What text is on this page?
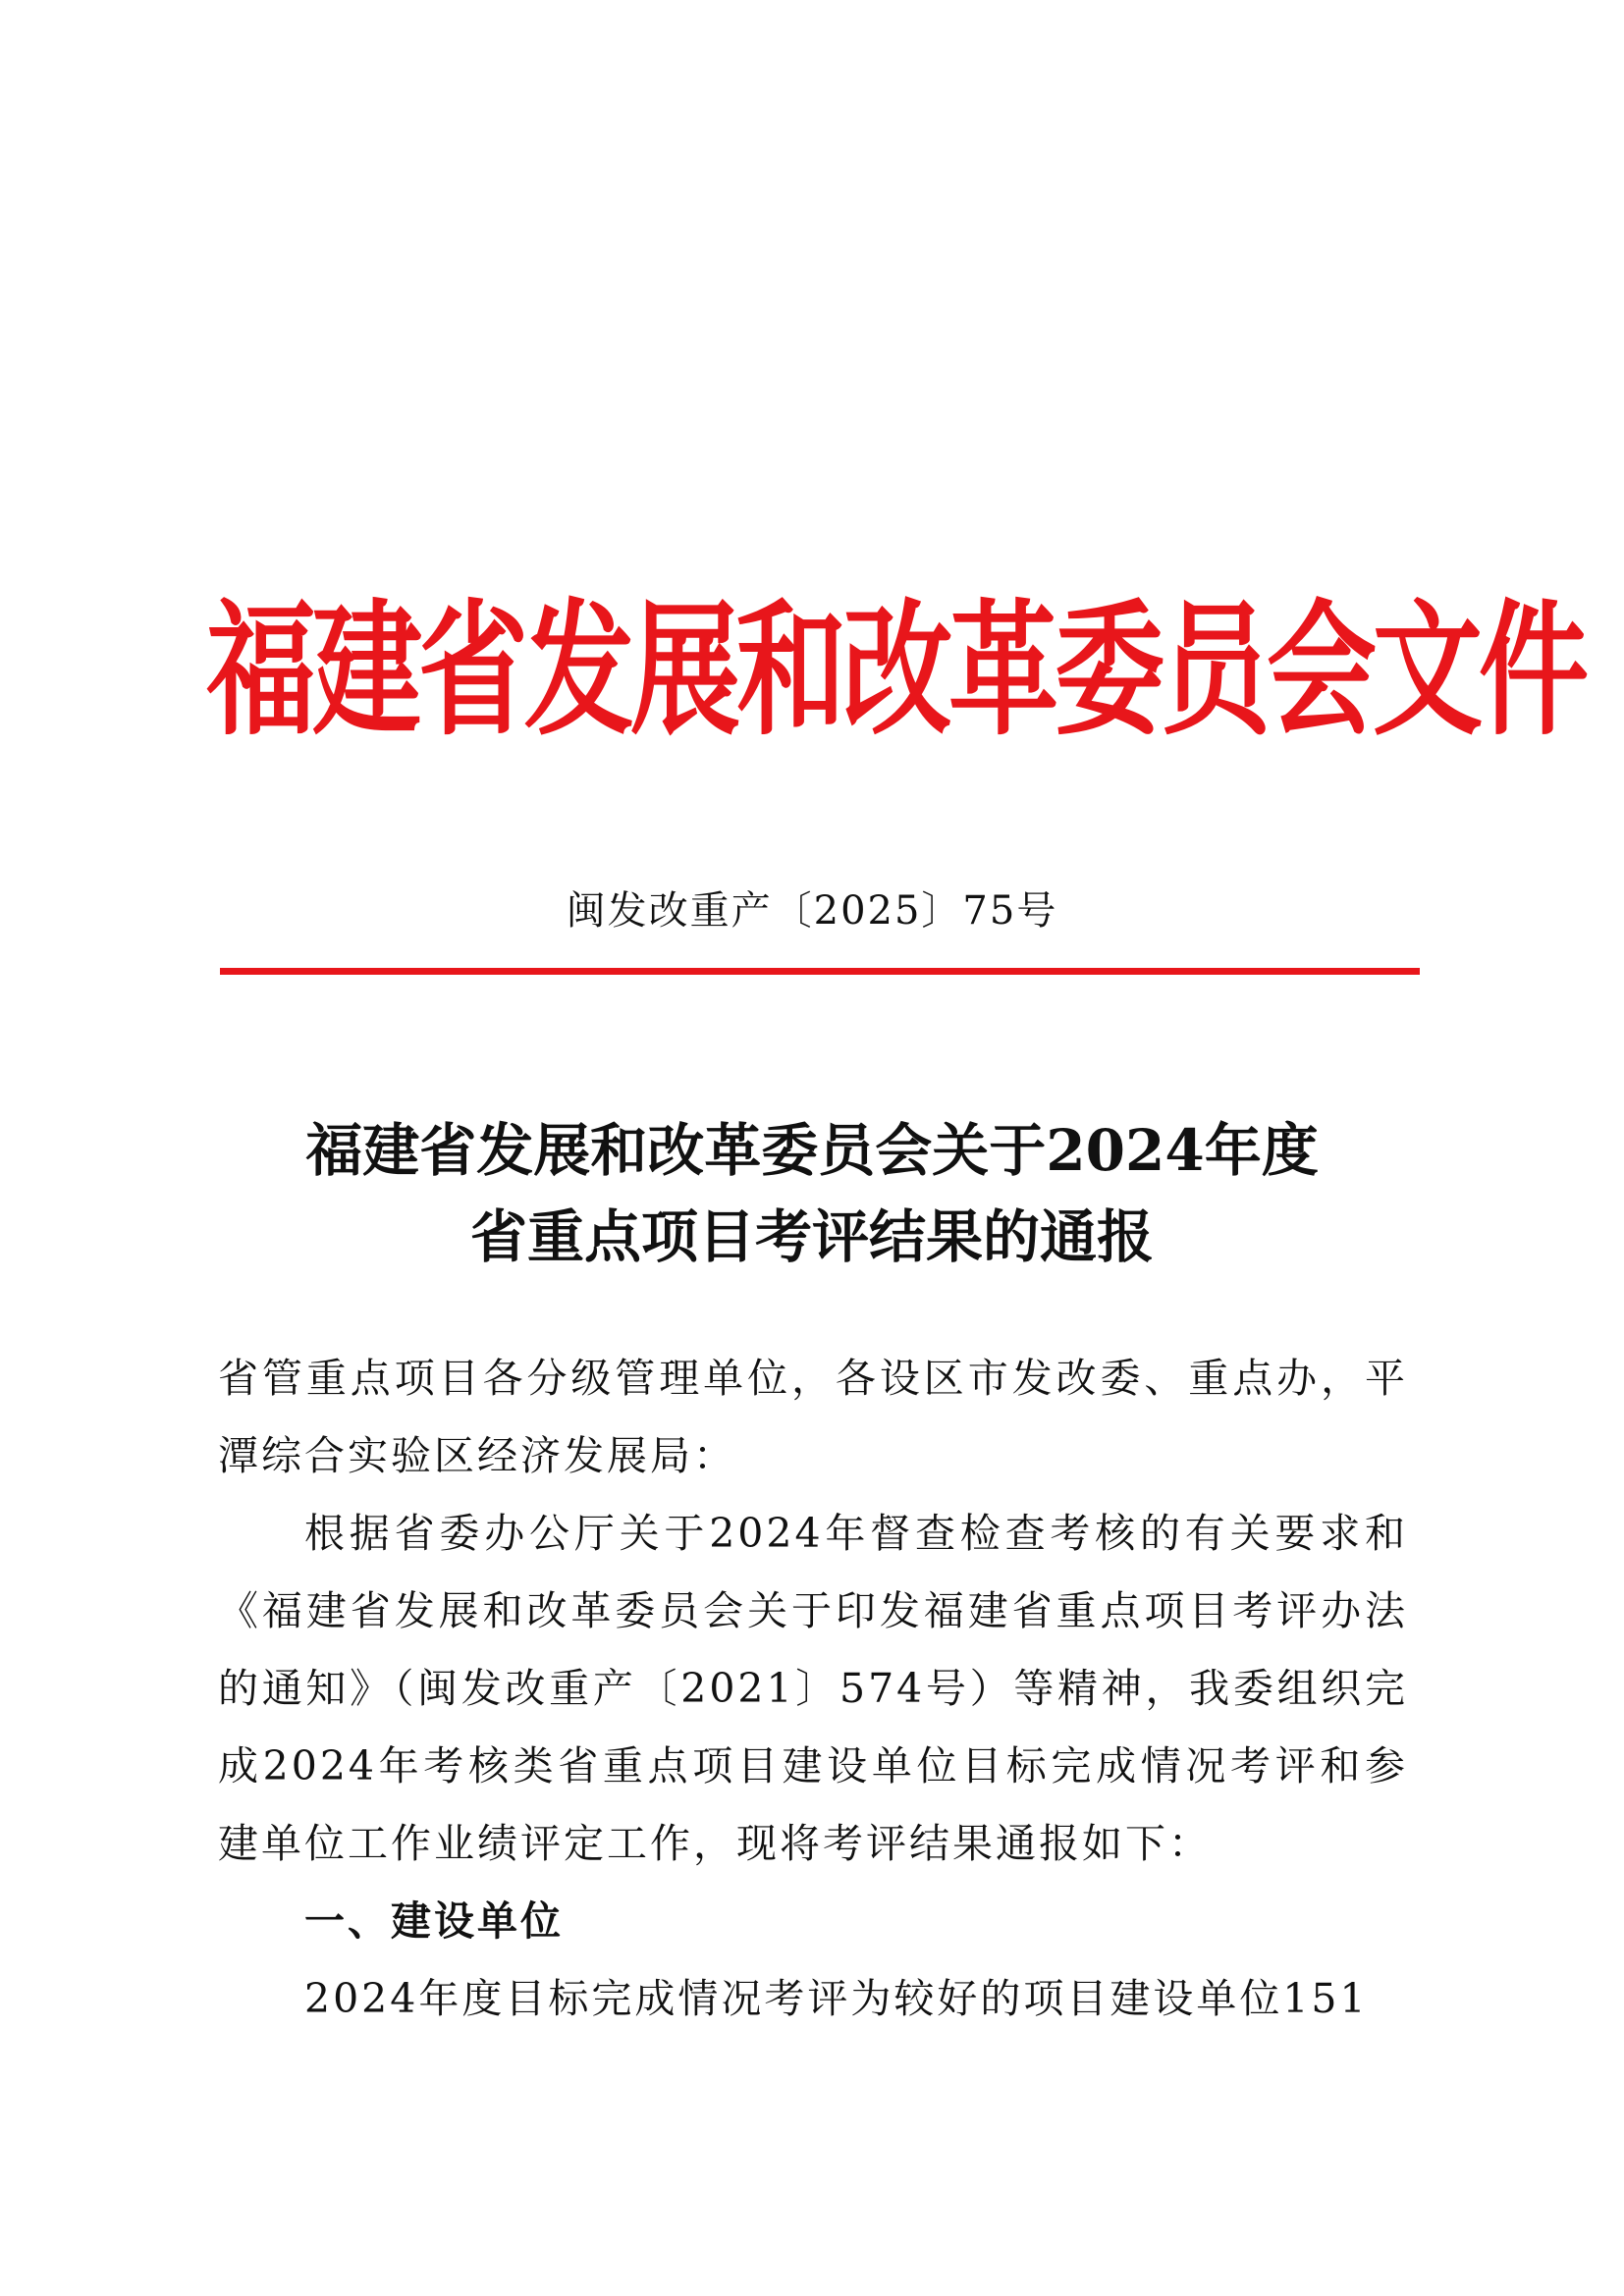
福建省发展和改革委员会文件
闽发改重产〔2025〕75号
福建省发展和改革委员会关于2024年度
省重点项目考评结果的通报

省管重点项目各分级管理单位，各设区市发改委、重点办，平潭综合实验区经济发展局：

根据省委办公厅关于2024年督查检查考核的有关要求和《福建省发展和改革委员会关于印发福建省重点项目考评办法的通知》（闽发改重产〔2021〕574号）等精神，我委组织完成2024年考核类省重点项目建设单位目标完成情况考评和参建单位工作业绩评定工作，现将考评结果通报如下：

一、建设单位

2024年度目标完成情况考评为较好的项目建设单位151
